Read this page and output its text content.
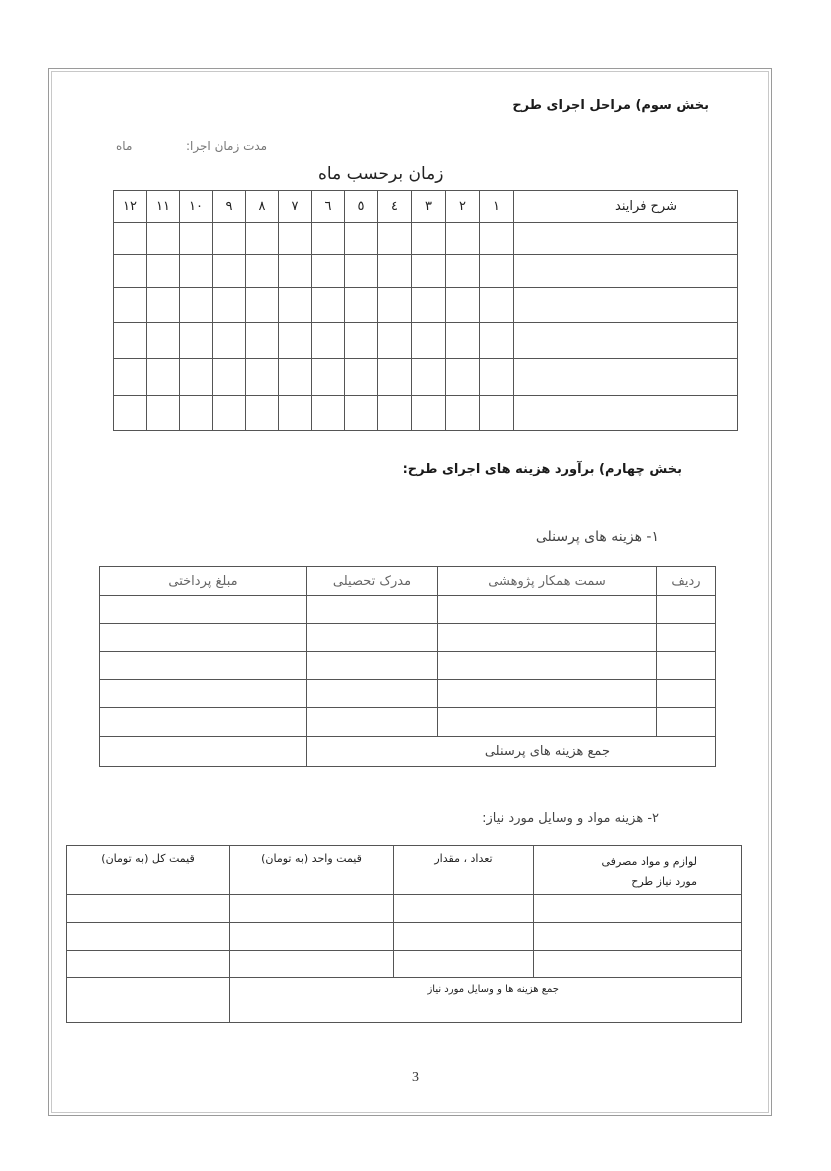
بخش سوم) مراحل اجرای طرح
مدت زمان اجرا:
ماه
زمان برحسب ماه
شرح فرایند	۱	۲	۳	٤	٥	٦	٧	٨	٩	١٠	١١	١٢

بخش چهارم) برآورد هزینه های اجرای طرح:
۱- هزینه های پرسنلی
ردیف	سمت همکار پژوهشی	مدرک تحصیلی	مبلغ پرداختی

جمع هزینه های پرسنلی			
۲- هزینه مواد و وسایل مورد نیاز:
لوازم و مواد مصرفی
مورد نیاز طرح	تعداد ، مقدار	قیمت واحد (به تومان)	قیمت کل (به تومان)

جمع هزینه ها و وسایل مورد نیاز			
3
